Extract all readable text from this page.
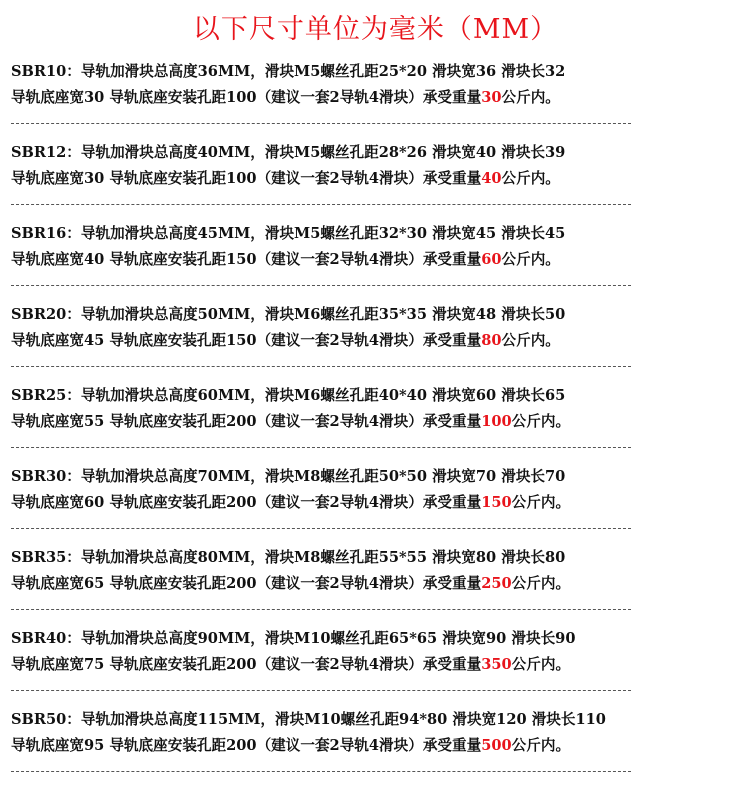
以下尺寸单位为毫米（MM）
SBR10：导轨加滑块总高度36MM，滑块M5螺丝孔距25*20 滑块宽36 滑块长32
导轨底座宽30 导轨底座安装孔距100（建议一套2导轨4滑块）承受重量30公斤内。
SBR12：导轨加滑块总高度40MM，滑块M5螺丝孔距28*26 滑块宽40 滑块长39
导轨底座宽30 导轨底座安装孔距100（建议一套2导轨4滑块）承受重量40公斤内。
SBR16：导轨加滑块总高度45MM，滑块M5螺丝孔距32*30 滑块宽45 滑块长45
导轨底座宽40 导轨底座安装孔距150（建议一套2导轨4滑块）承受重量60公斤内。
SBR20：导轨加滑块总高度50MM，滑块M6螺丝孔距35*35 滑块宽48 滑块长50
导轨底座宽45 导轨底座安装孔距150（建议一套2导轨4滑块）承受重量80公斤内。
SBR25：导轨加滑块总高度60MM，滑块M6螺丝孔距40*40 滑块宽60 滑块长65
导轨底座宽55 导轨底座安装孔距200（建议一套2导轨4滑块）承受重量100公斤内。
SBR30：导轨加滑块总高度70MM，滑块M8螺丝孔距50*50 滑块宽70 滑块长70
导轨底座宽60 导轨底座安装孔距200（建议一套2导轨4滑块）承受重量150公斤内。
SBR35：导轨加滑块总高度80MM，滑块M8螺丝孔距55*55 滑块宽80 滑块长80
导轨底座宽65 导轨底座安装孔距200（建议一套2导轨4滑块）承受重量250公斤内。
SBR40：导轨加滑块总高度90MM，滑块M10螺丝孔距65*65 滑块宽90 滑块长90
导轨底座宽75 导轨底座安装孔距200（建议一套2导轨4滑块）承受重量350公斤内。
SBR50：导轨加滑块总高度115MM，滑块M10螺丝孔距94*80 滑块宽120 滑块长110
导轨底座宽95 导轨底座安装孔距200（建议一套2导轨4滑块）承受重量500公斤内。
